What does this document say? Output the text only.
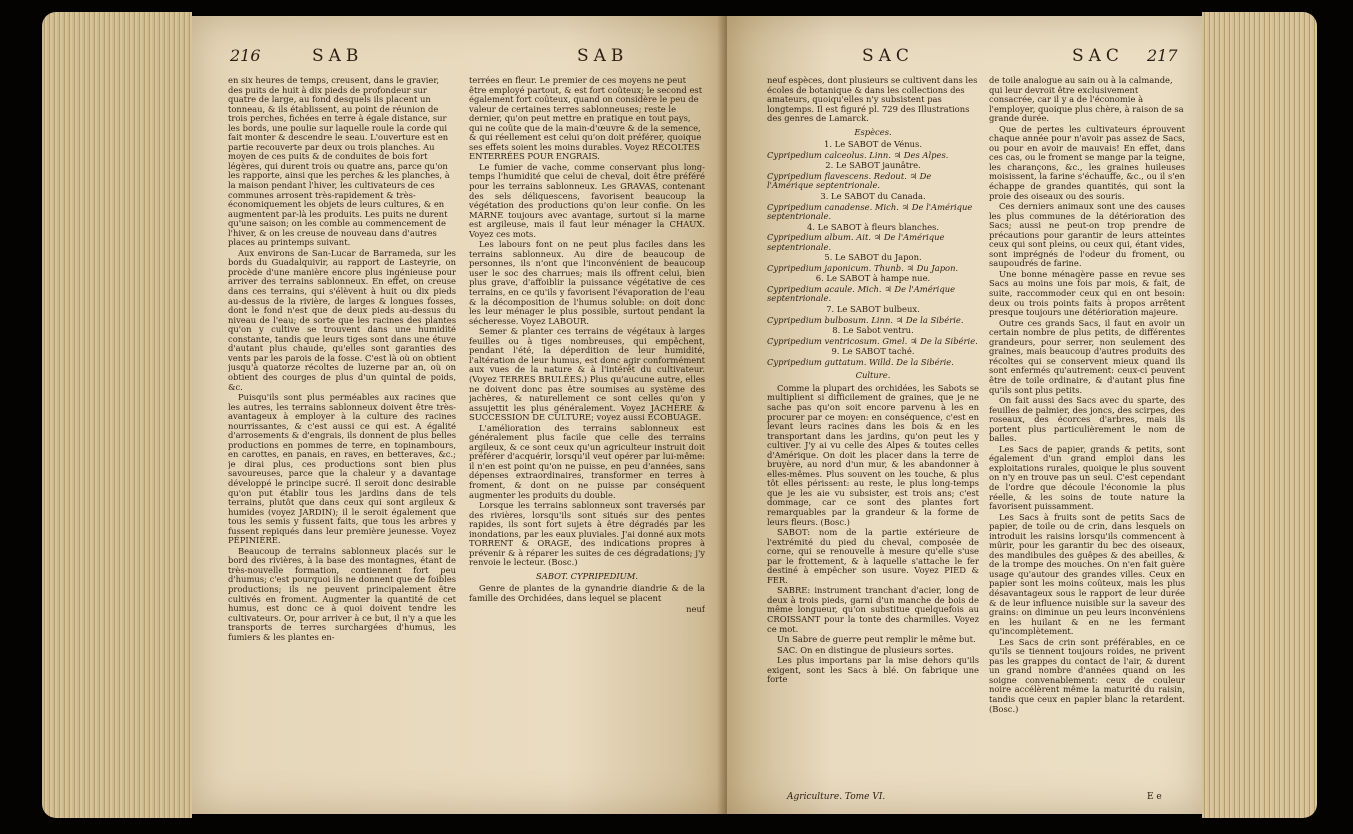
216	SAB	SAB

en six heures de temps, creusent, dans le gravier, des puits de huit à dix pieds de profondeur sur quatre de large, au fond desquels ils placent un tonneau, & ils établissent, au point de réunion de trois perches, fichées en terre à égale distance, sur les bords, une poulie sur laquelle roule la corde qui fait monter & descendre le seau. L'ouverture est en partie recouverte par deux ou trois planches. Au moyen de ces puits & de conduites de bois fort légères, qui durent trois ou quatre ans, parce qu'on les rapporte, ainsi que les perches & les planches, à la maison pendant l'hiver, les cultivateurs de ces communes arrosent très-rapidement & très-économiquement les objets de leurs cultures, & en augmentent par-là les produits. Les puits ne durent qu'une saison; on les comble au commencement de l'hiver, & on les creuse de nouveau dans d'autres places au printemps suivant.

Aux environs de San-Lucar de Barrameda, sur les bords du Guadalquivir, au rapport de Lasteyrie, on procède d'une manière encore plus ingénieuse pour arriver des terrains sablonneux. En effet, on creuse dans ces terrains, qui s'élèvent à huit ou dix pieds au-dessus de la rivière, de larges & longues fosses, dont le fond n'est que de deux pieds au-dessus du niveau de l'eau; de sorte que les racines des plantes qu'on y cultive se trouvent dans une humidité constante, tandis que leurs tiges sont dans une étuve d'autant plus chaude, qu'elles sont garanties des vents par les parois de la fosse. C'est là où on obtient jusqu'à quatorze récoltes de luzerne par an, où on obtient des courges de plus d'un quintal de poids, &c.

Puisqu'ils sont plus perméables aux racines que les autres, les terrains sablonneux doivent être très-avantageux à employer à la culture des racines nourrissantes, & c'est aussi ce qui est. A égalité d'arrosements & d'engrais, ils donnent de plus belles productions en pommes de terre, en topinambours, en carottes, en panais, en raves, en betteraves, &c.; je dirai plus, ces productions sont bien plus savoureuses, parce que la chaleur y a davantage développé le principe sucré. Il seroit donc desirable qu'on put établir tous les jardins dans de tels terrains, plutôt que dans ceux qui sont argileux & humides (voyez JARDIN); il le seroit également que tous les semis y fussent faits, que tous les arbres y fussent repiqués dans leur première jeunesse. Voyez PÉPINIÈRE.

Beaucoup de terrains sablonneux placés sur le bord des rivières, à la base des montagnes, étant de très-nouvelle formation, contiennent fort peu d'humus; c'est pourquoi ils ne donnent que de foibles productions; ils ne peuvent principalement être cultivés en froment. Augmenter la quantité de cet humus, est donc ce à quoi doivent tendre les cultivateurs. Or, pour arriver à ce but, il n'y a que les transports de terres surchargées d'humus, les fumiers & les plantes en-

terrées en fleur. Le premier de ces moyens ne peut être employé partout, & est fort coûteux; le second est également fort coûteux, quand on considère le peu de valeur de certaines terres sablonneuses; reste le dernier, qu'on peut mettre en pratique en tout pays, qui ne coûte que de la main-d'œuvre & de la semence, & qui réellement est celui qu'on doit préférer, quoique ses effets soient les moins durables. Voyez RÉCOLTES ENTERRÉES POUR ENGRAIS.

Le fumier de vache, comme conservant plus long-temps l'humidité que celui de cheval, doit être préféré pour les terrains sablonneux. Les GRAVAS, contenant des sels déliquescens, favorisent beaucoup la végétation des productions qu'on leur confie. On les MARNE toujours avec avantage, surtout si la marne est argileuse, mais il faut leur ménager la CHAUX. Voyez ces mots.

Les labours font on ne peut plus faciles dans les terrains sablonneux. Au dire de beaucoup de personnes, ils n'ont que l'inconvénient de beaucoup user le soc des charrues; mais ils offrent celui, bien plus grave, d'affoiblir la puissance végétative de ces terrains, en ce qu'ils y favorisent l'évaporation de l'eau & la décomposition de l'humus soluble: on doit donc les leur ménager le plus possible, surtout pendant la sécheresse. Voyez LABOUR.

Semer & planter ces terrains de végétaux à larges feuilles ou à tiges nombreuses, qui empêchent, pendant l'été, la déperdition de leur humidité, l'altération de leur humus, est donc agir conformément aux vues de la nature & à l'intérêt du cultivateur. (Voyez TERRES BRULÉES.) Plus qu'aucune autre, elles ne doivent donc pas être soumises au système des jachères, & naturellement ce sont celles qu'on y assujettit les plus généralement. Voyez JACHÈRE & SUCCESSION DE CULTURE; voyez aussi ÉCOBUAGE.

L'amélioration des terrains sablonneux est généralement plus facile que celle des terrains argileux, & ce sont ceux qu'un agriculteur instruit doit préférer d'acquérir, lorsqu'il veut opérer par lui-même: il n'en est point qu'on ne puisse, en peu d'années, sans dépenses extraordinaires, transformer en terres à froment, & dont on ne puisse par conséquent augmenter les produits du double.

Lorsque les terrains sablonneux sont traversés par des rivières, lorsqu'ils sont situés sur des pentes rapides, ils sont fort sujets à être dégradés par les inondations, par les eaux pluviales. J'ai donné aux mots TORRENT & ORAGE, des indications propres à prévenir & à réparer les suites de ces dégradations; j'y renvoie le lecteur. (Bosc.)

SABOT. CYPRIPEDIUM.

Genre de plantes de la gynandrie diandrie & de la famille des Orchidées, dans lequel se placent

neuf

SAC	SAC 217

neuf espèces, dont plusieurs se cultivent dans les écoles de botanique & dans les collections des amateurs, quoiqu'elles n'y subsistent pas longtemps. Il est figuré pl. 729 des Illustrations des genres de Lamarck.

Espèces.

1. Le SABOT de Vénus.

Cypripedium calceolus. Linn. ♃ Des Alpes.

2. Le SABOT jaunâtre.

Cypripedium flavescens. Redout. ♃ De l'Amérique septentrionale.

3. Le SABOT du Canada.

Cypripedium canadense. Mich. ♃ De l'Amérique septentrionale.

4. Le SABOT à fleurs blanches.

Cypripedium album. Ait. ♃ De l'Amérique septentrionale.

5. Le SABOT du Japon.

Cypripedium japonicum. Thunb. ♃ Du Japon.

6. Le SABOT à hampe nue.

Cypripedium acaule. Mich. ♃ De l'Amérique septentrionale.

7. Le SABOT bulbeux.

Cypripedium bulbosum. Linn. ♃ De la Sibérie.

8. Le Sabot ventru.

Cypripedium ventricosum. Gmel. ♃ De la Sibérie.

9. Le SABOT taché.

Cypripedium guttatum. Willd. De la Sibérie.

Culture.

Comme la plupart des orchidées, les Sabots se multiplient si difficilement de graines, que je ne sache pas qu'on soit encore parvenu à les en procurer par ce moyen: en conséquence, c'est en levant leurs racines dans les bois & en les transportant dans les jardins, qu'on peut les y cultiver. J'y ai vu celle des Alpes & toutes celles d'Amérique. On doit les placer dans la terre de bruyère, au nord d'un mur, & les abandonner à elles-mêmes. Plus souvent on les touche, & plus tôt elles périssent: au reste, le plus long-temps que je les aie vu subsister, est trois ans; c'est dommage, car ce sont des plantes fort remarquables par la grandeur & la forme de leurs fleurs. (Bosc.)

SABOT: nom de la partie extérieure de l'extrémité du pied du cheval, composée de corne, qui se renouvelle à mesure qu'elle s'use par le frottement, & à laquelle s'attache le fer destiné à empêcher son usure. Voyez PIED & FER.

SABRE: instrument tranchant d'acier, long de deux à trois pieds, garni d'un manche de bois de même longueur, qu'on substitue quelquefois au CROISSANT pour la tonte des charmilles. Voyez ce mot.

Un Sabre de guerre peut remplir le même but.

SAC. On en distingue de plusieurs sortes.

Les plus importans par la mise dehors qu'ils exigent, sont les Sacs à blé. On fabrique une forte

Agriculture. Tome VI.

de toile analogue au sain ou à la calmande, qui leur devroit être exclusivement consacrée, car il y a de l'économie à l'employer, quoique plus chère, à raison de sa grande durée.

Que de pertes les cultivateurs éprouvent chaque année pour n'avoir pas assez de Sacs, ou pour en avoir de mauvais! En effet, dans ces cas, ou le froment se mange par la teigne, les charançons, &c., les graines huileuses moisissent, la farine s'échauffe, &c., ou il s'en échappe de grandes quantités, qui sont la proie des oiseaux ou des souris.

Ces derniers animaux sont une des causes les plus communes de la détérioration des Sacs; aussi ne peut-on trop prendre de précautions pour garantir de leurs atteintes ceux qui sont pleins, ou ceux qui, étant vides, sont imprégnés de l'odeur du froment, ou saupoudrés de farine.

Une bonne ménagère passe en revue ses Sacs au moins une fois par mois, & fait, de suite, raccommoder ceux qui en ont besoin: deux ou trois points faits à propos arrêtent presque toujours une détérioration majeure.

Outre ces grands Sacs, il faut en avoir un certain nombre de plus petits, de différentes grandeurs, pour serrer, non seulement des graines, mais beaucoup d'autres produits des récoltes qui se conservent mieux quand ils sont enfermés qu'autrement: ceux-ci peuvent être de toile ordinaire, & d'autant plus fine qu'ils sont plus petits.

On fait aussi des Sacs avec du sparte, des feuilles de palmier, des joncs, des scirpes, des roseaux, des écorces d'arbres, mais ils portent plus particulièrement le nom de balles.

Les Sacs de papier, grands & petits, sont également d'un grand emploi dans les exploitations rurales, quoique le plus souvent on n'y en trouve pas un seul. C'est cependant de l'ordre que découle l'économie la plus réelle, & les soins de toute nature la favorisent puissamment.

Les Sacs à fruits sont de petits Sacs de papier, de toile ou de crin, dans lesquels on introduit les raisins lorsqu'ils commencent à mûrir, pour les garantir du bec des oiseaux, des mandibules des guêpes & des abeilles, & de la trompe des mouches. On n'en fait guère usage qu'autour des grandes villes. Ceux en papier sont les moins coûteux, mais les plus désavantageux sous le rapport de leur durée & de leur influence nuisible sur la saveur des grains: on diminue un peu leurs inconvéniens en les huilant & en ne les fermant qu'incomplètement.

Les Sacs de crin sont préférables, en ce qu'ils se tiennent toujours roides, ne privent pas les grappes du contact de l'air, & durent un grand nombre d'années quand on les soigne convenablement: ceux de couleur noire accélèrent même la maturité du raisin, tandis que ceux en papier blanc la retardent. (Bosc.)

E e
